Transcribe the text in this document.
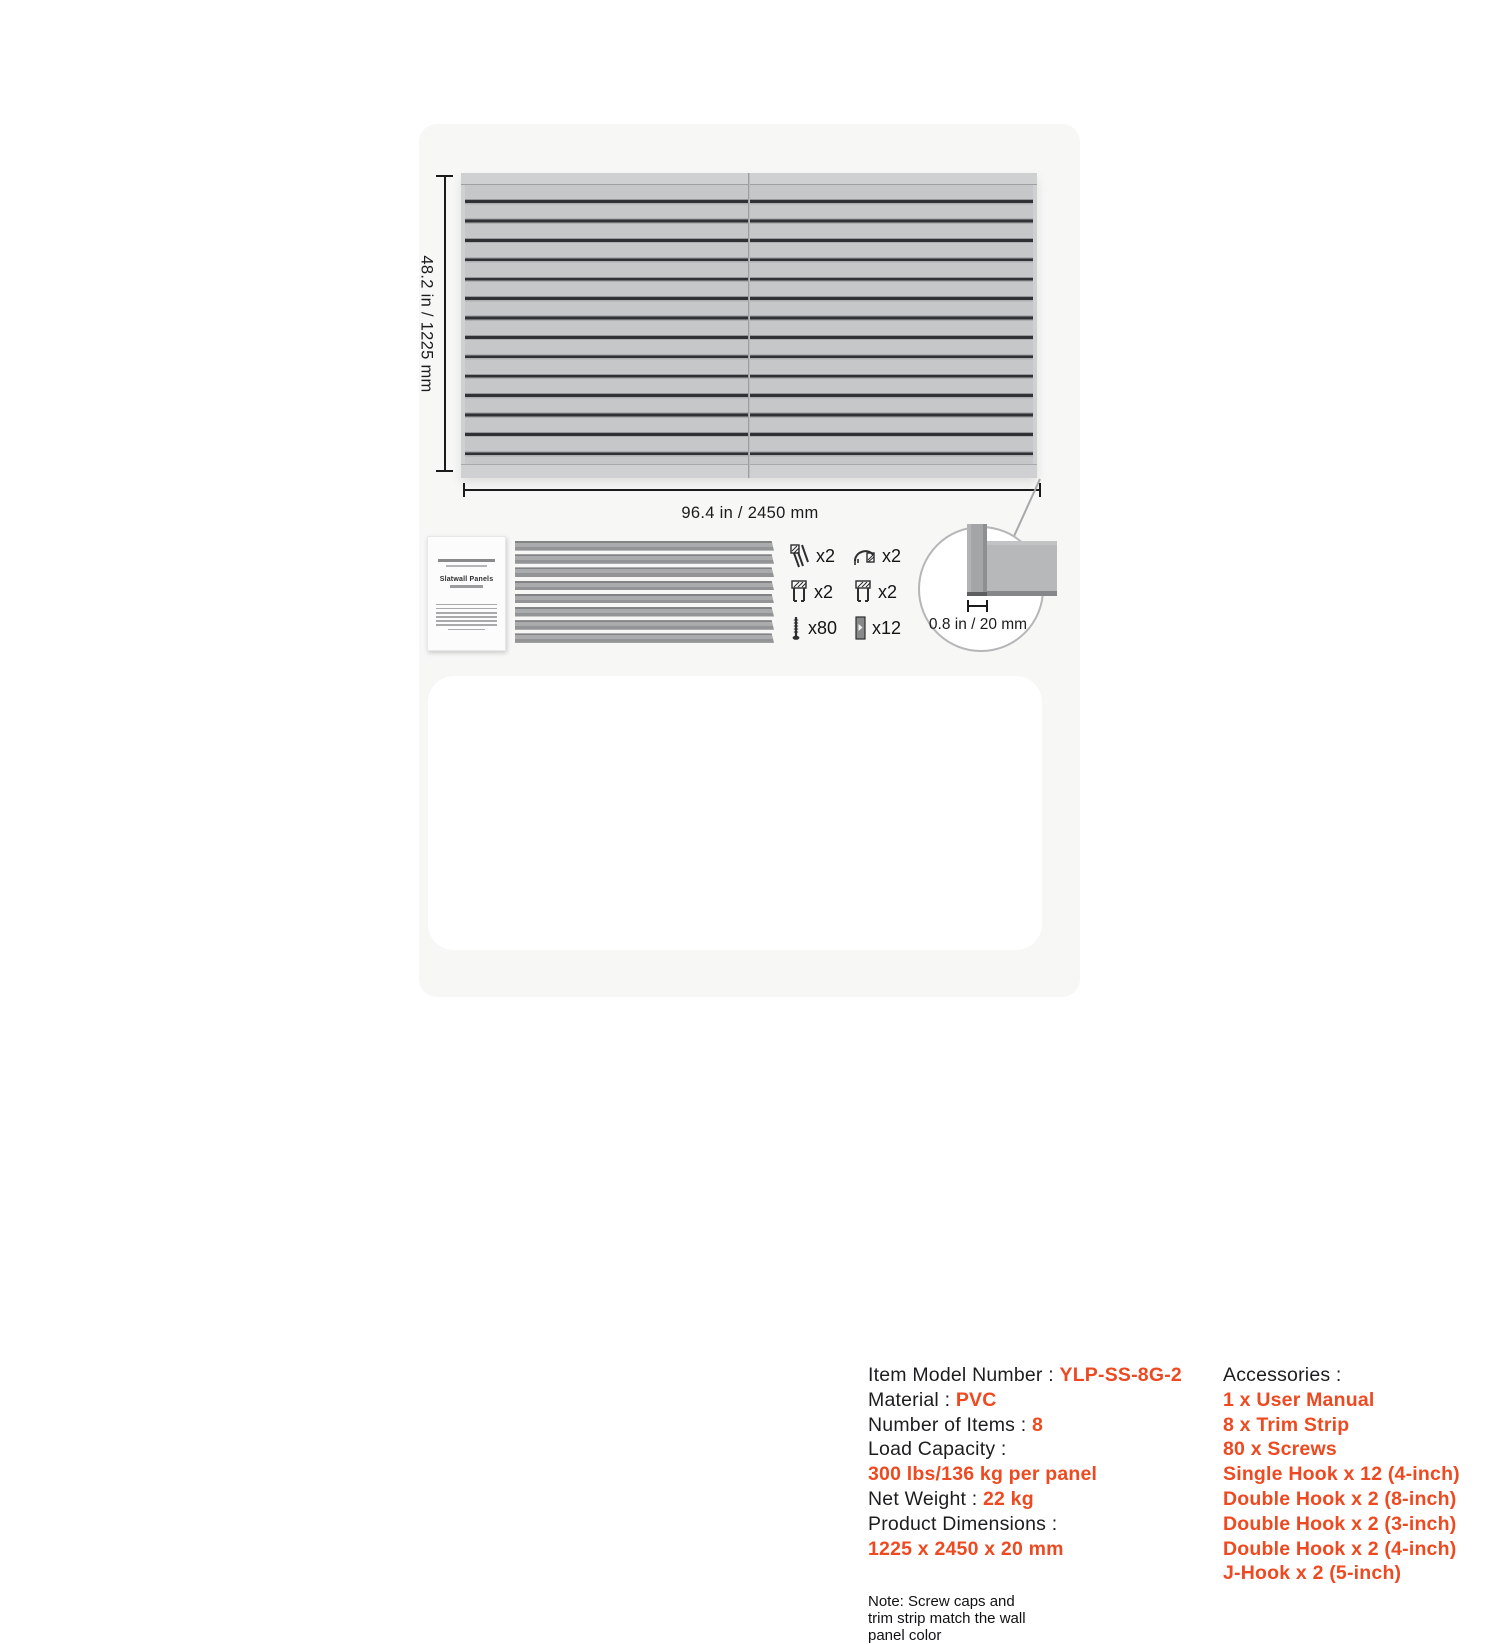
48.2 in / 1225 mm
96.4 in / 2450 mm
Slatwall Panels
x2	x2
x2 x2
x80 x12 0.8 in / 20 mm
Item Model Number : YLP-SS-8G-2
Material : PVC
Number of Items : 8
Load Capacity :
300 lbs/136 kg per panel
Net Weight : 22 kg
Product Dimensions :
1225 x 2450 x 20 mm
Accessories :
1 x User Manual
8 x Trim Strip
80 x Screws
Single Hook x 12 (4-inch)
Double Hook x 2 (8-inch)
Double Hook x 2 (3-inch)
Double Hook x 2 (4-inch)
J-Hook x 2 (5-inch)
Note: Screw caps and trim strip match the wall panel color
